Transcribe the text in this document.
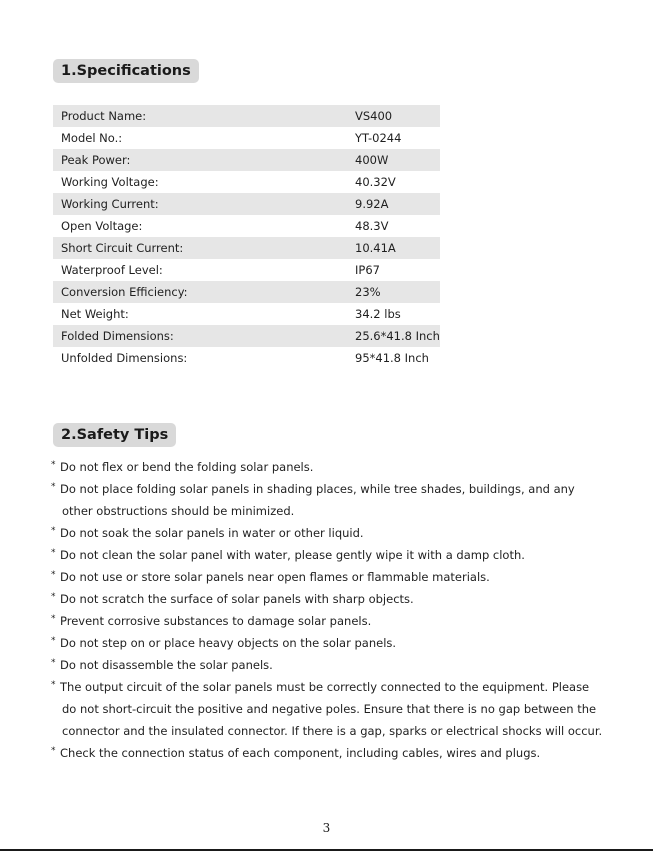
1.Specifications
Product Name:	VS400
Model No.:	YT-0244
Peak Power:	400W
Working Voltage:	40.32V
Working Current:	9.92A
Open Voltage:	48.3V
Short Circuit Current:	10.41A
Waterproof Level:	IP67
Conversion Efficiency:	23%
Net Weight:	34.2 lbs
Folded Dimensions:	25.6*41.8 Inch
Unfolded Dimensions:	95*41.8 Inch
2.Safety Tips
* Do not flex or bend the folding solar panels.
* Do not place folding solar panels in shading places, while tree shades, buildings, and any
other obstructions should be minimized.
* Do not soak the solar panels in water or other liquid.
* Do not clean the solar panel with water, please gently wipe it with a damp cloth.
* Do not use or store solar panels near open flames or flammable materials.
* Do not scratch the surface of solar panels with sharp objects.
* Prevent corrosive substances to damage solar panels.
* Do not step on or place heavy objects on the solar panels.
* Do not disassemble the solar panels.
* The output circuit of the solar panels must be correctly connected to the equipment. Please
do not short-circuit the positive and negative poles. Ensure that there is no gap between the
connector and the insulated connector. If there is a gap, sparks or electrical shocks will occur.
* Check the connection status of each component, including cables, wires and plugs.
3
